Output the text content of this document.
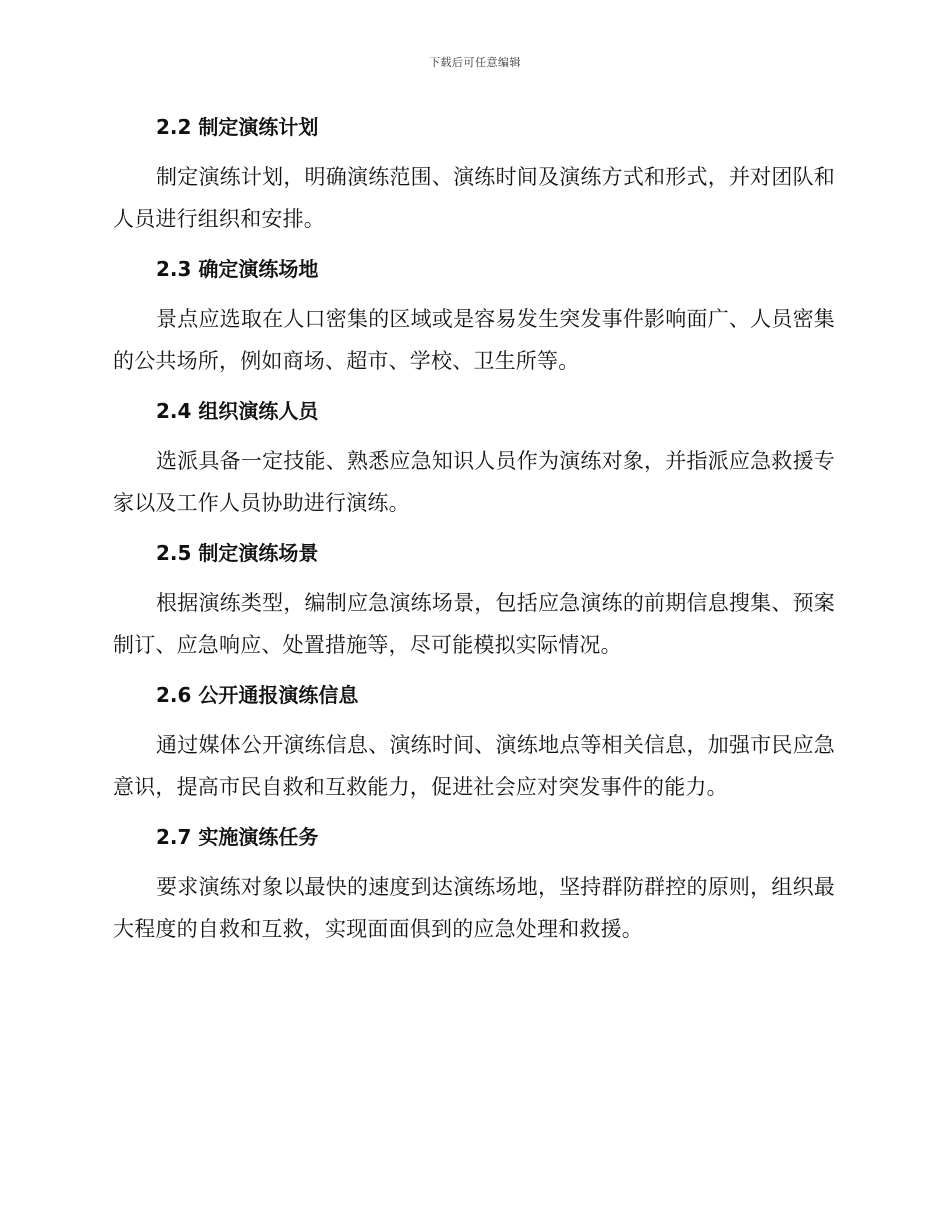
下载后可任意编辑
2.2 制定演练计划

制定演练计划，明确演练范围、演练时间及演练方式和形式，并对团队和人员进行组织和安排。

2.3 确定演练场地

景点应选取在人口密集的区域或是容易发生突发事件影响面广、人员密集的公共场所，例如商场、超市、学校、卫生所等。

2.4 组织演练人员

选派具备一定技能、熟悉应急知识人员作为演练对象，并指派应急救援专家以及工作人员协助进行演练。

2.5 制定演练场景

根据演练类型，编制应急演练场景，包括应急演练的前期信息搜集、预案制订、应急响应、处置措施等，尽可能模拟实际情况。

2.6 公开通报演练信息

通过媒体公开演练信息、演练时间、演练地点等相关信息，加强市民应急意识，提高市民自救和互救能力，促进社会应对突发事件的能力。

2.7 实施演练任务

要求演练对象以最快的速度到达演练场地，坚持群防群控的原则，组织最大程度的自救和互救，实现面面俱到的应急处理和救援。
